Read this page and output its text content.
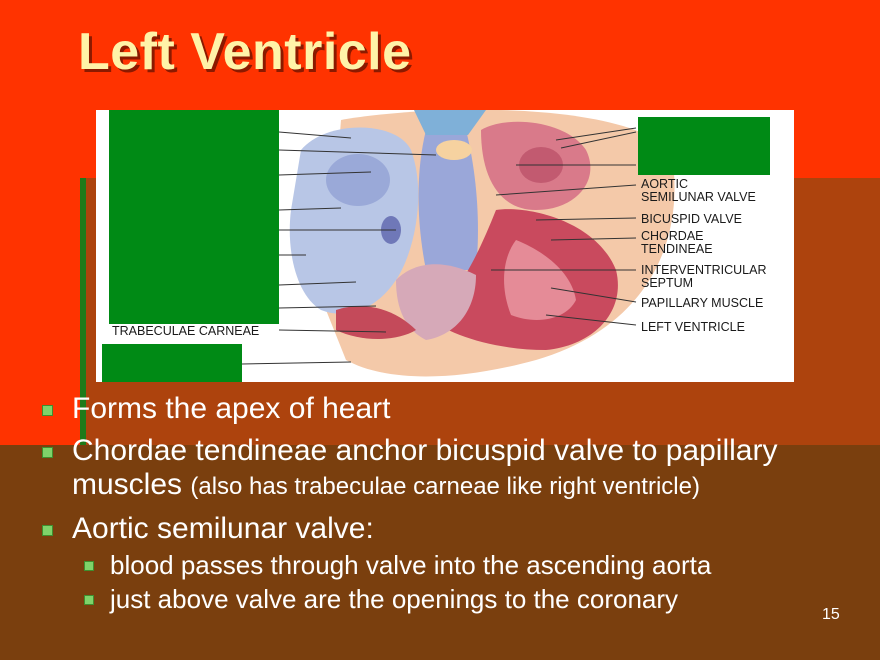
Left Ventricle
TRABECULAE CARNEAE
AORTIC
SEMILUNAR VALVE
BICUSPID VALVE
CHORDAE
TENDINEAE
INTERVENTRICULAR
SEPTUM
PAPILLARY MUSCLE
LEFT VENTRICLE
Forms the apex of heart
Chordae tendineae anchor bicuspid valve to papillary muscles (also has trabeculae carneae like right ventricle)
Aortic semilunar valve:
blood passes through valve into the ascending aorta
just above valve are the openings to the coronary
15
